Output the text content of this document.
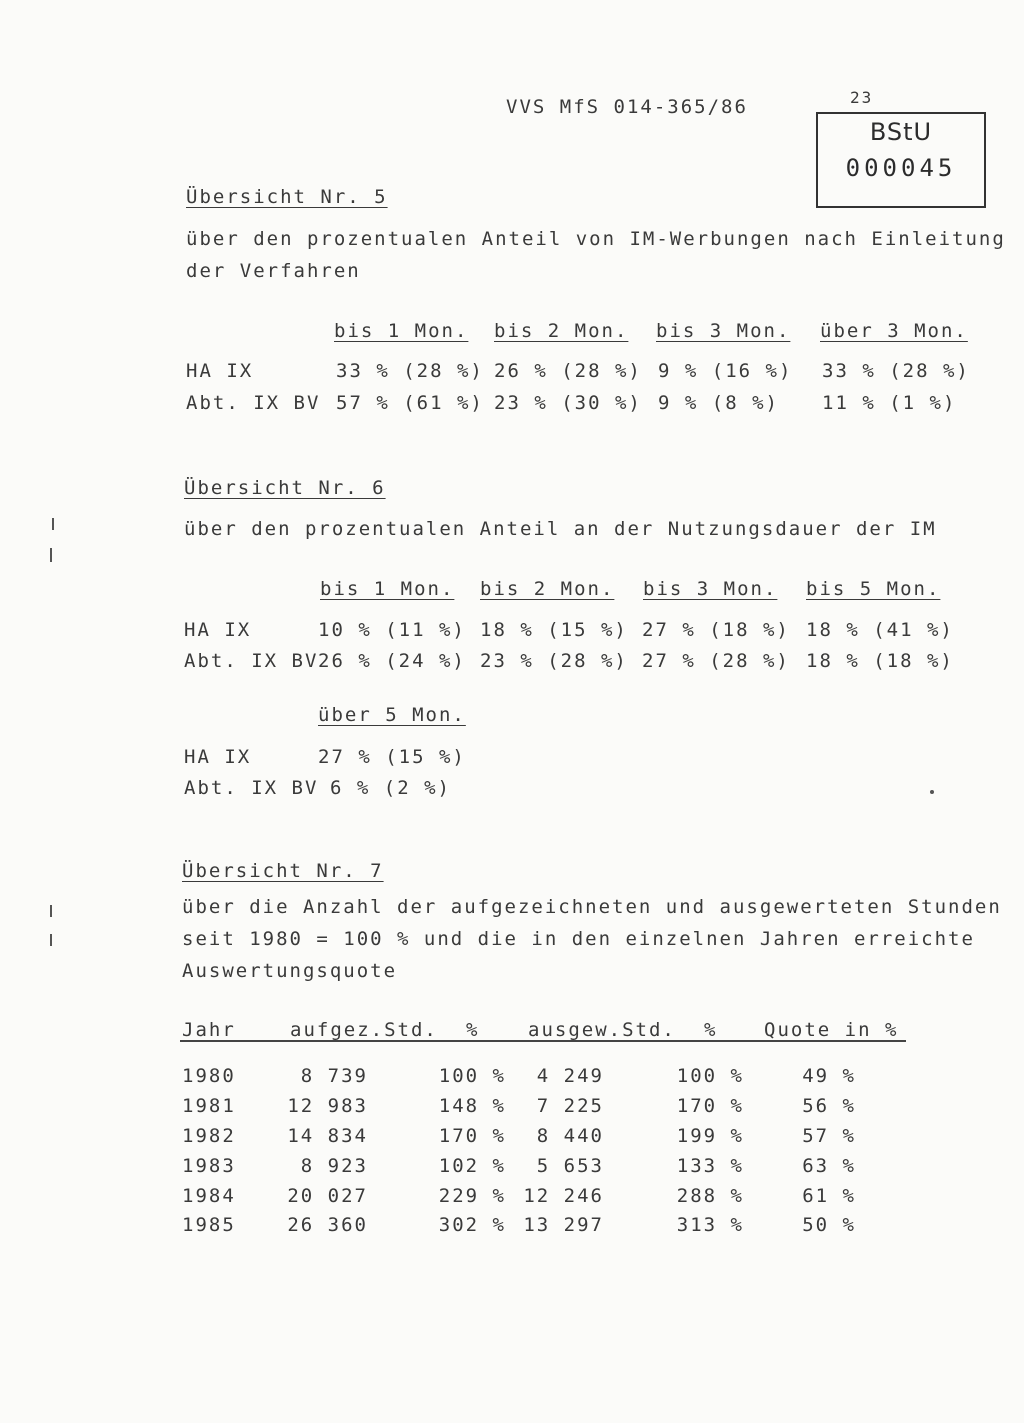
VVS MfS 014-365/86	23
BStU
000045
Übersicht Nr. 5
über den prozentualen Anteil von IM-Werbungen nach Einleitung
der Verfahren
bis 1 Mon. bis 2 Mon. bis 3 Mon. über 3 Mon.
HA IX	33 % (28 %) 26 % (28 %) 9 % (16 %) 33 % (28 %)
Abt. IX BV 57 % (61 %) 23 % (30 %) 9 % (8 %) 11 % (1 %)
Übersicht Nr. 6
über den prozentualen Anteil an der Nutzungsdauer der IM
bis 1 Mon. bis 2 Mon. bis 3 Mon. bis 5 Mon.
HA IX	10 % (11 %) 18 % (15 %) 27 % (18 %) 18 % (41 %)
Abt. IX BV 26 % (24 %) 23 % (28 %) 27 % (28 %) 18 % (18 %)
über 5 Mon.
HA IX	27 % (15 %)
Abt. IX BV 6 % (2 %)
Übersicht Nr. 7
über die Anzahl der aufgezeichneten und ausgewerteten Stunden
seit 1980 = 100 % und die in den einzelnen Jahren erreichte
Auswertungsquote
Jahr	aufgez.Std. %	ausgew.Std. % Quote in %
1980	8 739	100 %	4 249	100 %	49 %
1981	12 983	148 %	7 225	170 %	56 %
1982	14 834	170 %	8 440	199 %	57 %
1983	8 923	102 %	5 653	133 %	63 %
1984	20 027	229 % 12 246	288 %	61 %
1985	26 360	302 % 13 297	313 %	50 %
